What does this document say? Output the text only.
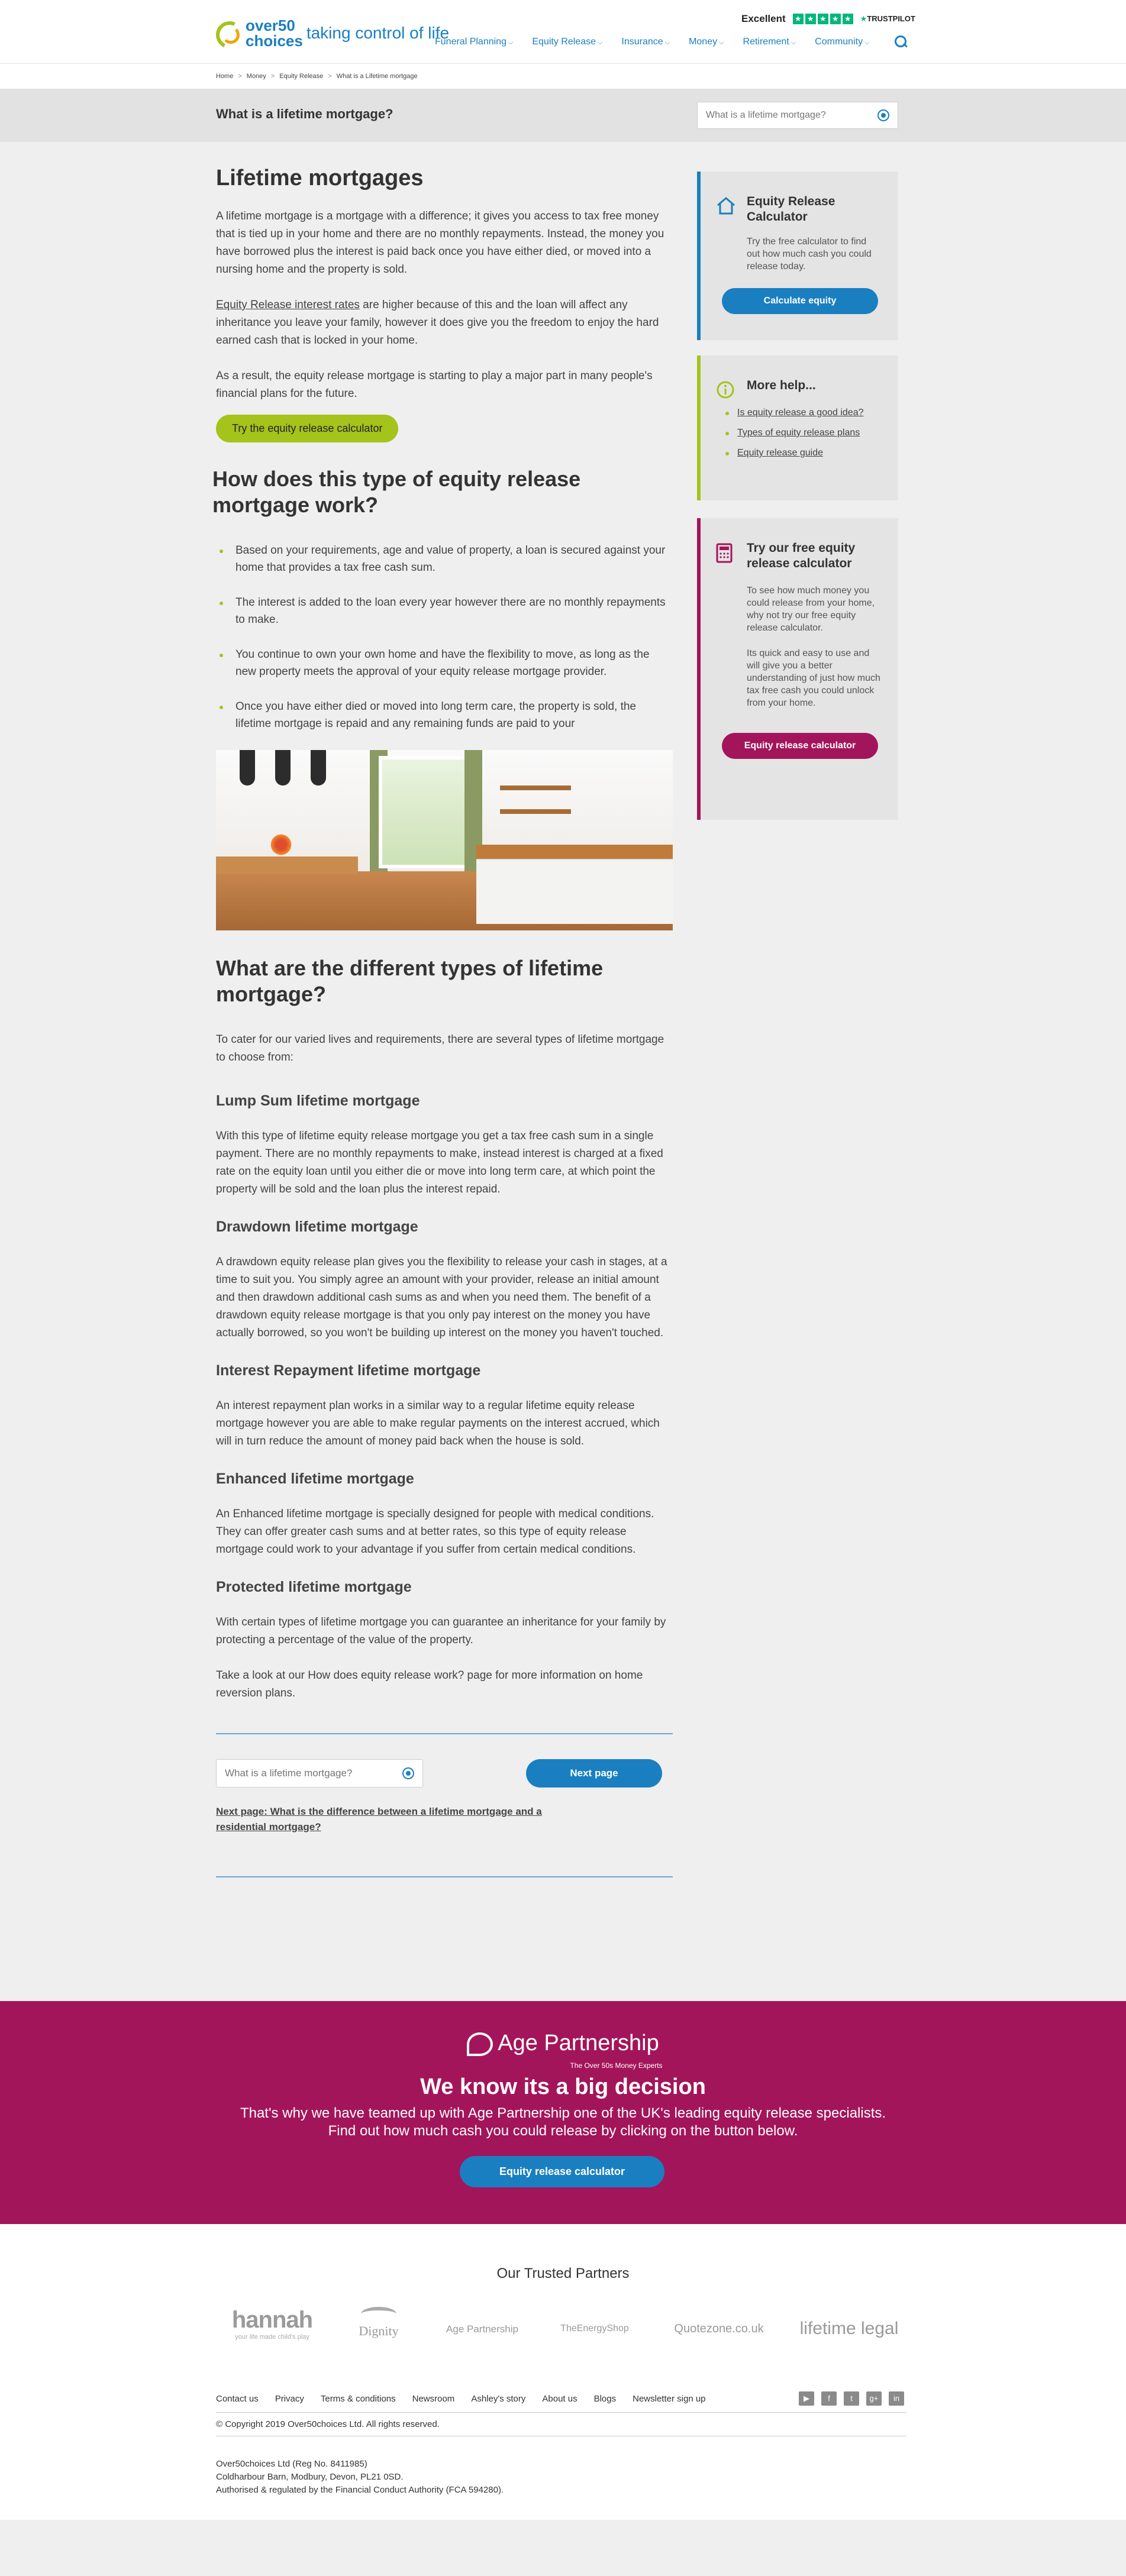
over50
choices taking control of life
Excellent ★ ★ ★ ★ ★ ★TRUSTPILOT
Funeral Planning ⌵	Equity Release ⌵	Insurance ⌵	Money ⌵	Retirement ⌵	Community ⌵
Home > Money > Equity Release > What is a Lifetime mortgage
What is a lifetime mortgage?
What is a lifetime mortgage?
Lifetime mortgages

A lifetime mortgage is a mortgage with a difference; it gives you access to tax free money that is tied up in your home and there are no monthly repayments. Instead, the money you have borrowed plus the interest is paid back once you have either died, or moved into a nursing home and the property is sold.

Equity Release interest rates are higher because of this and the loan will affect any inheritance you leave your family, however it does give you the freedom to enjoy the hard earned cash that is locked in your home.

As a result, the equity release mortgage is starting to play a major part in many people's financial plans for the future.

Try the equity release calculator
How does this type of equity release mortgage work?
Based on your requirements, age and value of property, a loan is secured against your home that provides a tax free cash sum.
The interest is added to the loan every year however there are no monthly repayments to make.
You continue to own your own home and have the flexibility to move, as long as the new property meets the approval of your equity release mortgage provider.
Once you have either died or moved into long term care, the property is sold, the lifetime mortgage is repaid and any remaining funds are paid to your
What are the different types of lifetime mortgage?

To cater for our varied lives and requirements, there are several types of lifetime mortgage to choose from:

Lump Sum lifetime mortgage

With this type of lifetime equity release mortgage you get a tax free cash sum in a single payment. There are no monthly repayments to make, instead interest is charged at a fixed rate on the equity loan until you either die or move into long term care, at which point the property will be sold and the loan plus the interest repaid.

Drawdown lifetime mortgage

A drawdown equity release plan gives you the flexibility to release your cash in stages, at a time to suit you. You simply agree an amount with your provider, release an initial amount and then drawdown additional cash sums as and when you need them. The benefit of a drawdown equity release mortgage is that you only pay interest on the money you have actually borrowed, so you won't be building up interest on the money you haven't touched.

Interest Repayment lifetime mortgage

An interest repayment plan works in a similar way to a regular lifetime equity release mortgage however you are able to make regular payments on the interest accrued, which will in turn reduce the amount of money paid back when the house is sold.

Enhanced lifetime mortgage

An Enhanced lifetime mortgage is specially designed for people with medical conditions. They can offer greater cash sums and at better rates, so this type of equity release mortgage could work to your advantage if you suffer from certain medical conditions.

Protected lifetime mortgage

With certain types of lifetime mortgage you can guarantee an inheritance for your family by protecting a percentage of the value of the property.

Take a look at our How does equity release work? page for more information on home reversion plans.

What is a lifetime mortgage?
Next page
Next page: What is the difference between a lifetime mortgage and a residential mortgage?
Equity Release Calculator
Try the free calculator to find out how much cash you could release today.
Calculate equity
More help...
Is equity release a good idea?
Types of equity release plans
Equity release guide
Try our free equity release calculator
To see how much money you could release from your home, why not try our free equity release calculator.
Its quick and easy to use and will give you a better understanding of just how much tax free cash you could unlock from your home.
Equity release calculator
Age Partnership
The Over 50s Money Experts
We know its a big decision
That's why we have teamed up with Age Partnership one of the UK's leading equity release specialists.
Find out how much cash you could release by clicking on the button below.
Equity release calculator
Our Trusted Partners
hannah
your life made child's play	Dignity	Age Partnership	TheEnergyShop	Quotezone.co.uk	lifetime legal
Contact us Privacy Terms & conditions Newsroom Ashley's story About us Blogs Newsletter sign up	▶	f	t	g+	in
© Copyright 2019 Over50choices Ltd. All rights reserved.
Over50choices Ltd (Reg No. 8411985)
Coldharbour Barn, Modbury, Devon, PL21 0SD.
Authorised & regulated by the Financial Conduct Authority (FCA 594280).
